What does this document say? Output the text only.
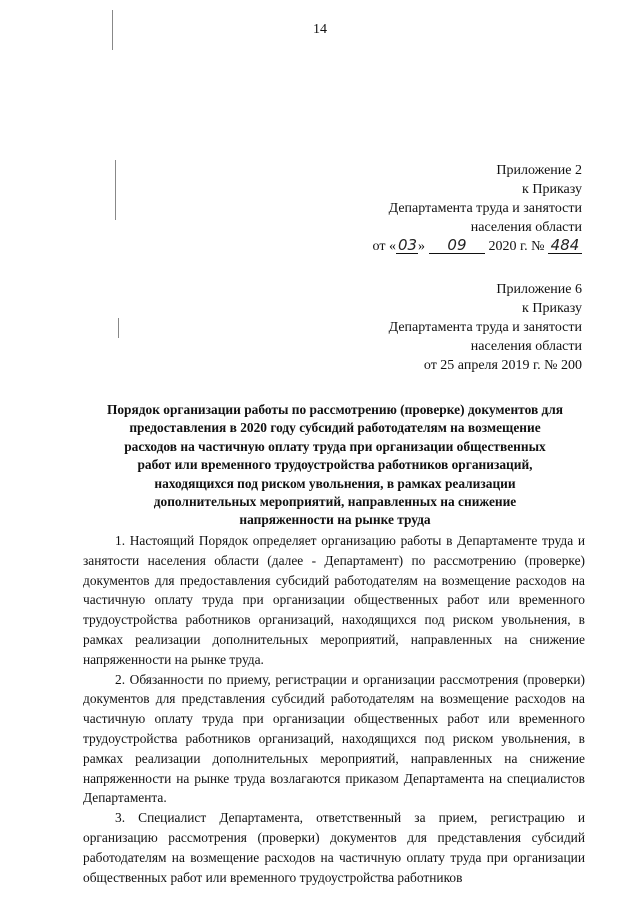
14
Приложение 2
к Приказу
Департамента труда и занятости
населения области
от « 03» 09 2020 г. № 484
Приложение 6
к Приказу
Департамента труда и занятости
населения области
от 25 апреля 2019 г. № 200
Порядок организации работы по рассмотрению (проверке) документов для
предоставления в 2020 году субсидий работодателям на возмещение
расходов на частичную оплату труда при организации общественных
работ или временного трудоустройства работников организаций,
находящихся под риском увольнения, в рамках реализации
дополнительных мероприятий, направленных на снижение
напряженности на рынке труда

1. Настоящий Порядок определяет организацию работы в Департаменте труда и занятости населения области (далее - Департамент) по рассмотрению (проверке) документов для предоставления субсидий работодателям на возмещение расходов на частичную оплату труда при организации общественных работ или временного трудоустройства работников организаций, находящихся под риском увольнения, в рамках реализации дополнительных мероприятий, направленных на снижение напряженности на рынке труда.

2. Обязанности по приему, регистрации и организации рассмотрения (проверки) документов для представления субсидий работодателям на возмещение расходов на частичную оплату труда при организации общественных работ или временного трудоустройства работников организаций, находящихся под риском увольнения, в рамках реализации дополнительных мероприятий, направленных на снижение напряженности на рынке труда возлагаются приказом Департамента на специалистов Департамента.

3. Специалист Департамента, ответственный за прием, регистрацию и организацию рассмотрения (проверки) документов для представления субсидий работодателям на возмещение расходов на частичную оплату труда при организации общественных работ или временного трудоустройства работников
